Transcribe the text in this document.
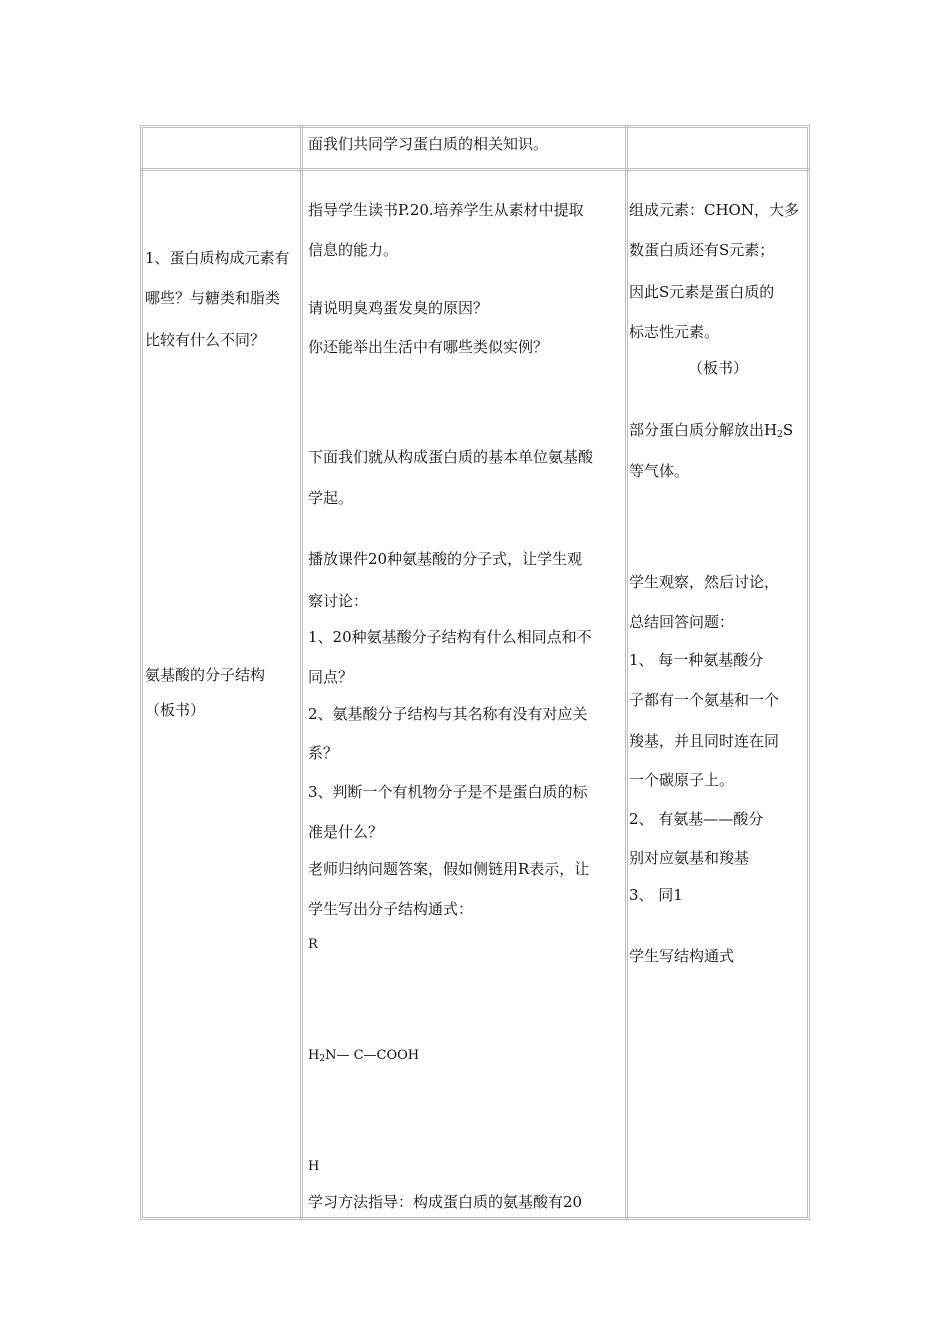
面我们共同学习蛋白质的相关知识。
1、蛋白质构成元素有
哪些？与糖类和脂类
比较有什么不同？
氨基酸的分子结构
（板书）
指导学生读书P.20.培养学生从素材中提取
信息的能力。
请说明臭鸡蛋发臭的原因？
你还能举出生活中有哪些类似实例？
下面我们就从构成蛋白质的基本单位氨基酸
学起。
播放课件20种氨基酸的分子式，让学生观
察讨论：
1、20种氨基酸分子结构有什么相同点和不
同点？
2、氨基酸分子结构与其名称有没有对应关
系？
3、判断一个有机物分子是不是蛋白质的标
准是什么？
老师归纳问题答案，假如侧链用R表示，让
学生写出分子结构通式：
R
$H_2N—$ C—COOH
H
学习方法指导：构成蛋白质的氨基酸有20
组成元素：CHON，大多
数蛋白质还有S元素；
因此S元素是蛋白质的
标志性元素。
（板书）
部分蛋白质分解放出$H_2S$
等气体。
学生观察，然后讨论，
总结回答问题：
1、 每一种氨基酸分
子都有一个氨基和一个
羧基，并且同时连在同
一个碳原子上。
2、 有氨基——酸分
别对应氨基和羧基
3、 同1
学生写结构通式
